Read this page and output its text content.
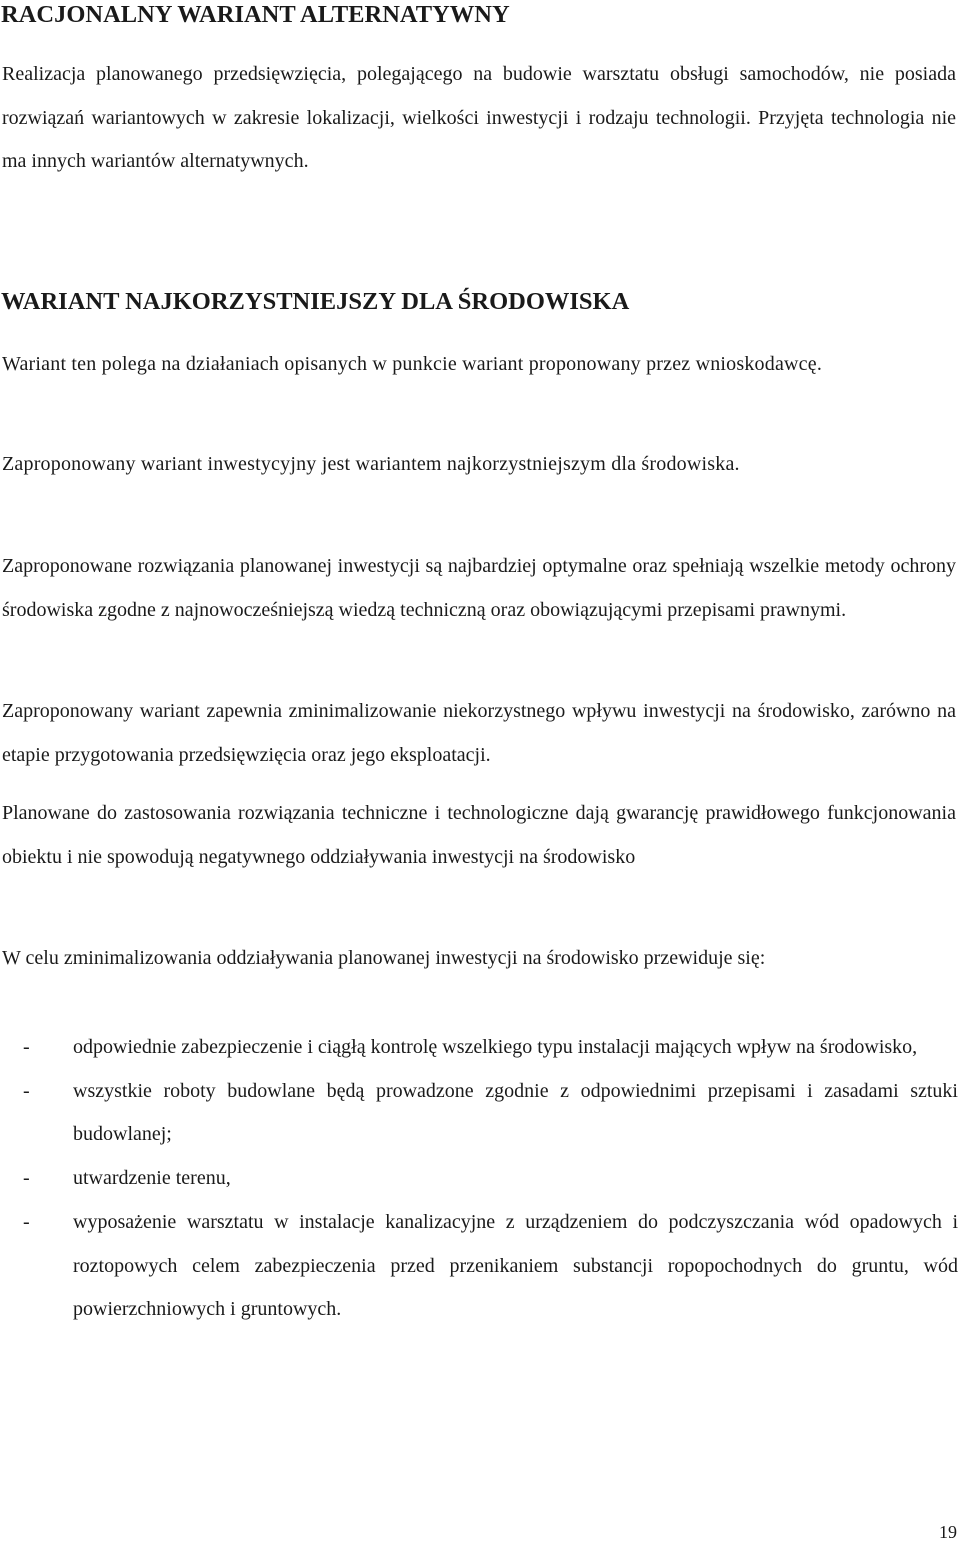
RACJONALNY WARIANT ALTERNATYWNY

Realizacja planowanego przedsięwzięcia, polegającego na budowie warsztatu obsługi samochodów, nie posiada rozwiązań wariantowych w zakresie lokalizacji, wielkości inwestycji i rodzaju technologii. Przyjęta technologia nie ma innych wariantów alternatywnych.

WARIANT NAJKORZYSTNIEJSZY DLA ŚRODOWISKA

Wariant ten polega na działaniach opisanych w punkcie wariant proponowany przez wnioskodawcę.

Zaproponowany wariant inwestycyjny jest wariantem najkorzystniejszym dla środowiska.

Zaproponowane rozwiązania planowanej inwestycji są najbardziej optymalne oraz spełniają wszelkie metody ochrony środowiska zgodne z najnowocześniejszą wiedzą techniczną oraz obowiązującymi przepisami prawnymi.

Zaproponowany wariant zapewnia zminimalizowanie niekorzystnego wpływu inwestycji na środowisko, zarówno na etapie przygotowania przedsięwzięcia oraz jego eksploatacji.

Planowane do zastosowania rozwiązania techniczne i technologiczne dają gwarancję prawidłowego funkcjonowania obiektu i nie spowodują negatywnego oddziaływania inwestycji na środowisko

W celu zminimalizowania oddziaływania planowanej inwestycji na środowisko przewiduje się:

- odpowiednie zabezpieczenie i ciągłą kontrolę wszelkiego typu instalacji mających wpływ na środowisko,
- wszystkie roboty budowlane będą prowadzone zgodnie z odpowiednimi przepisami i zasadami sztuki budowlanej;
- utwardzenie terenu,
- wyposażenie warsztatu w instalacje kanalizacyjne z urządzeniem do podczyszczania wód opadowych i roztopowych celem zabezpieczenia przed przenikaniem substancji ropopochodnych do gruntu, wód powierzchniowych i gruntowych.
19
